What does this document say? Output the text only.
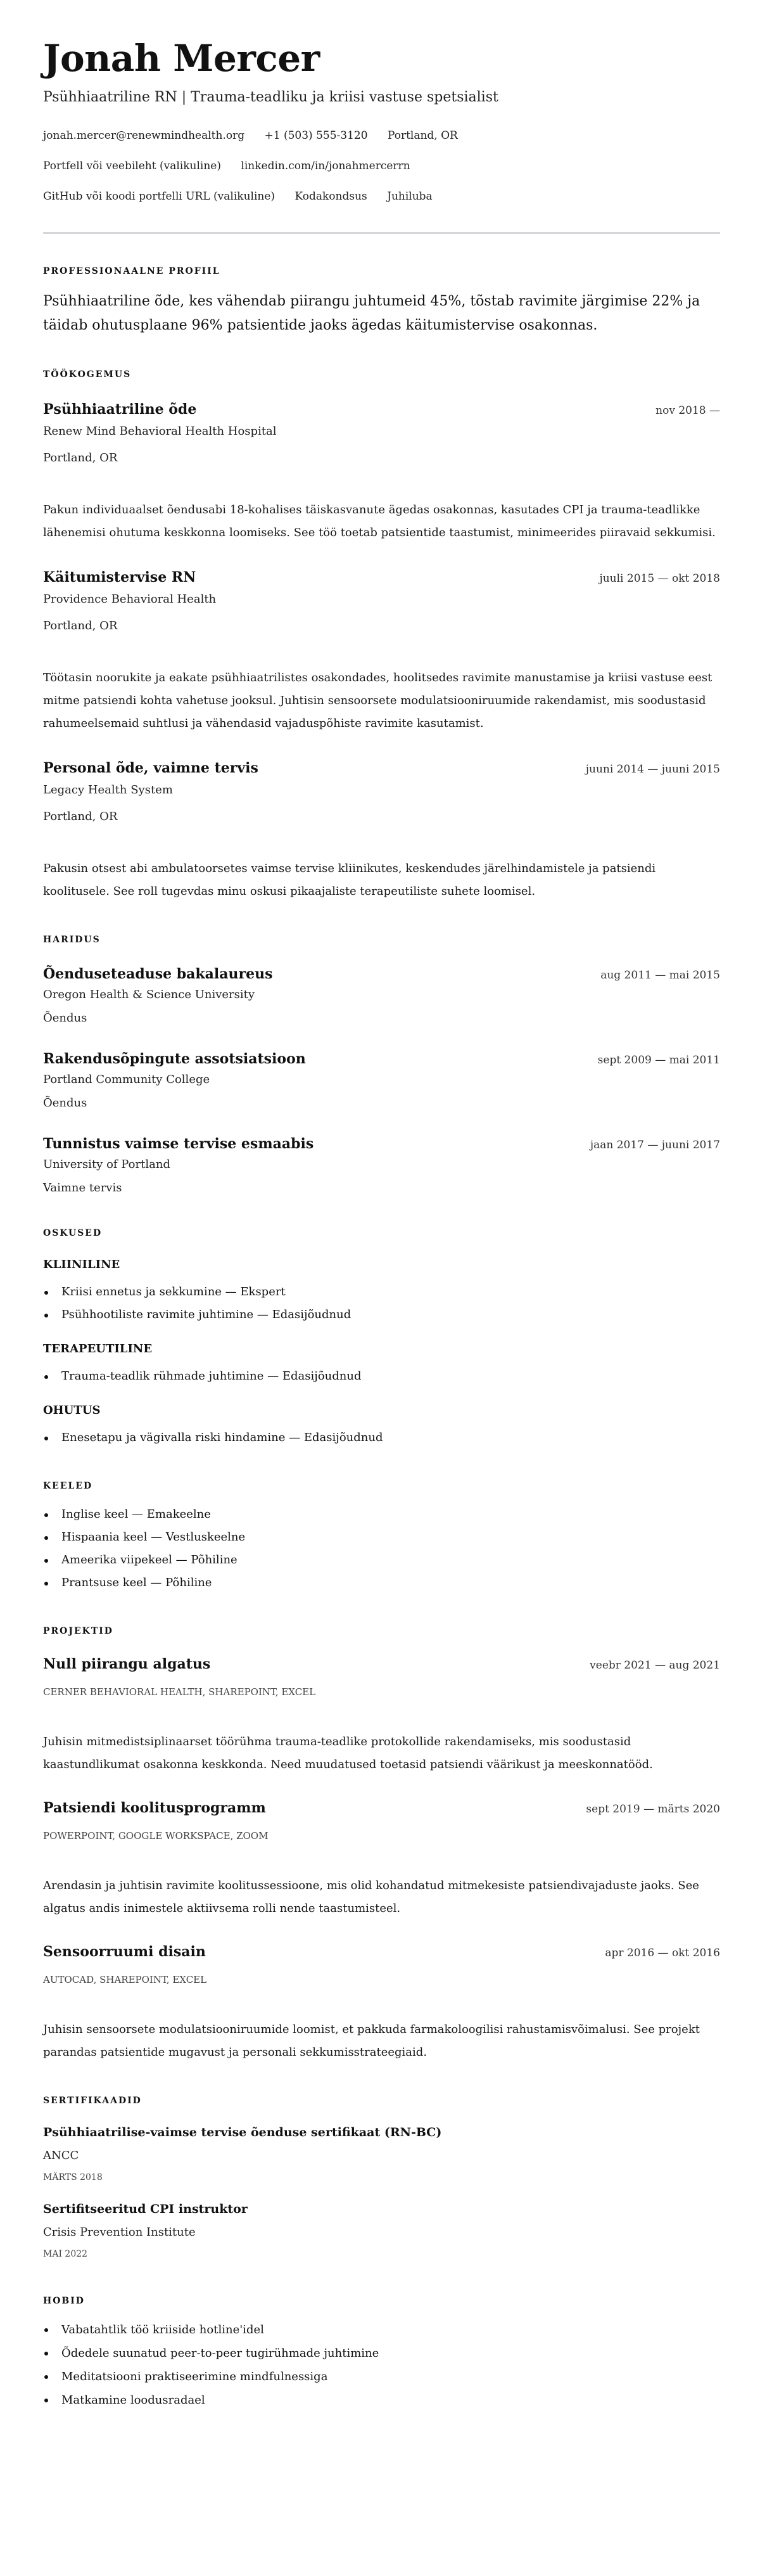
Jonah Mercer
Psühhiaatriline RN | Trauma-teadliku ja kriisi vastuse spetsialist
jonah.mercer@renewmindhealth.org +1 (503) 555-3120 Portland, OR
Portfell või veebileht (valikuline) linkedin.com/in/jonahmercerrn
GitHub või koodi portfelli URL (valikuline) Kodakondsus Juhiluba
PROFESSIONAALNE PROFIIL

Psühhiaatriline õde, kes vähendab piirangu juhtumeid 45%, tõstab ravimite järgimise 22% ja täidab ohutusplaane 96% patsientide jaoks ägedas käitumistervise osakonnas.

TÖÖKOGEMUS
Psühhiaatriline õde	nov 2018 —
Renew Mind Behavioral Health Hospital
Portland, OR
Pakun individuaalset õendusabi 18-kohalises täiskasvanute ägedas osakonnas, kasutades CPI ja trauma-teadlikke lähenemisi ohutuma keskkonna loomiseks. See töö toetab patsientide taastumist, minimeerides piiravaid sekkumisi.
Käitumistervise RN	juuli 2015 — okt 2018
Providence Behavioral Health
Portland, OR
Töötasin noorukite ja eakate psühhiaatrilistes osakondades, hoolitsedes ravimite manustamise ja kriisi vastuse eest mitme patsiendi kohta vahetuse jooksul. Juhtisin sensoorsete modulatsiooniruumide rakendamist, mis soodustasid rahumeelsemaid suhtlusi ja vähendasid vajaduspõhiste ravimite kasutamist.
Personal õde, vaimne tervis	juuni 2014 — juuni 2015
Legacy Health System
Portland, OR
Pakusin otsest abi ambulatoorsetes vaimse tervise kliinikutes, keskendudes järelhindamistele ja patsiendi koolitusele. See roll tugevdas minu oskusi pikaajaliste terapeutiliste suhete loomisel.
HARIDUS
Õenduseteaduse bakalaureus	aug 2011 — mai 2015
Oregon Health & Science University
Õendus
Rakendusõpingute assotsiatsioon	sept 2009 — mai 2011
Portland Community College
Õendus
Tunnistus vaimse tervise esmaabis	jaan 2017 — juuni 2017
University of Portland
Vaimne tervis
OSKUSED
KLIINILINE
Kriisi ennetus ja sekkumine — Ekspert
Psühhootiliste ravimite juhtimine — Edasijõudnud
TERAPEUTILINE
Trauma-teadlik rühmade juhtimine — Edasijõudnud
OHUTUS
Enesetapu ja vägivalla riski hindamine — Edasijõudnud
KEELED
Inglise keel — Emakeelne
Hispaania keel — Vestluskeelne
Ameerika viipekeel — Põhiline
Prantsuse keel — Põhiline
PROJEKTID
Null piirangu algatus	veebr 2021 — aug 2021
CERNER BEHAVIORAL HEALTH, SHAREPOINT, EXCEL
Juhisin mitmedistsiplinaarset töörühma trauma-teadlike protokollide rakendamiseks, mis soodustasid kaastundlikumat osakonna keskkonda. Need muudatused toetasid patsiendi väärikust ja meeskonnatööd.
Patsiendi koolitusprogramm	sept 2019 — märts 2020
POWERPOINT, GOOGLE WORKSPACE, ZOOM
Arendasin ja juhtisin ravimite koolitussessioone, mis olid kohandatud mitmekesiste patsiendivajaduste jaoks. See algatus andis inimestele aktiivsema rolli nende taastumisteel.
Sensoorruumi disain	apr 2016 — okt 2016
AUTOCAD, SHAREPOINT, EXCEL
Juhisin sensoorsete modulatsiooniruumide loomist, et pakkuda farmakoloogilisi rahustamisvõimalusi. See projekt parandas patsientide mugavust ja personali sekkumisstrateegiaid.
SERTIFIKAADID
Psühhiaatrilise-vaimse tervise õenduse sertifikaat (RN-BC)
ANCC
MÄRTS 2018
Sertifitseeritud CPI instruktor
Crisis Prevention Institute
MAI 2022
HOBID
Vabatahtlik töö kriiside hotline'idel
Õdedele suunatud peer-to-peer tugirühmade juhtimine
Meditatsiooni praktiseerimine mindfulnessiga
Matkamine loodusradael
